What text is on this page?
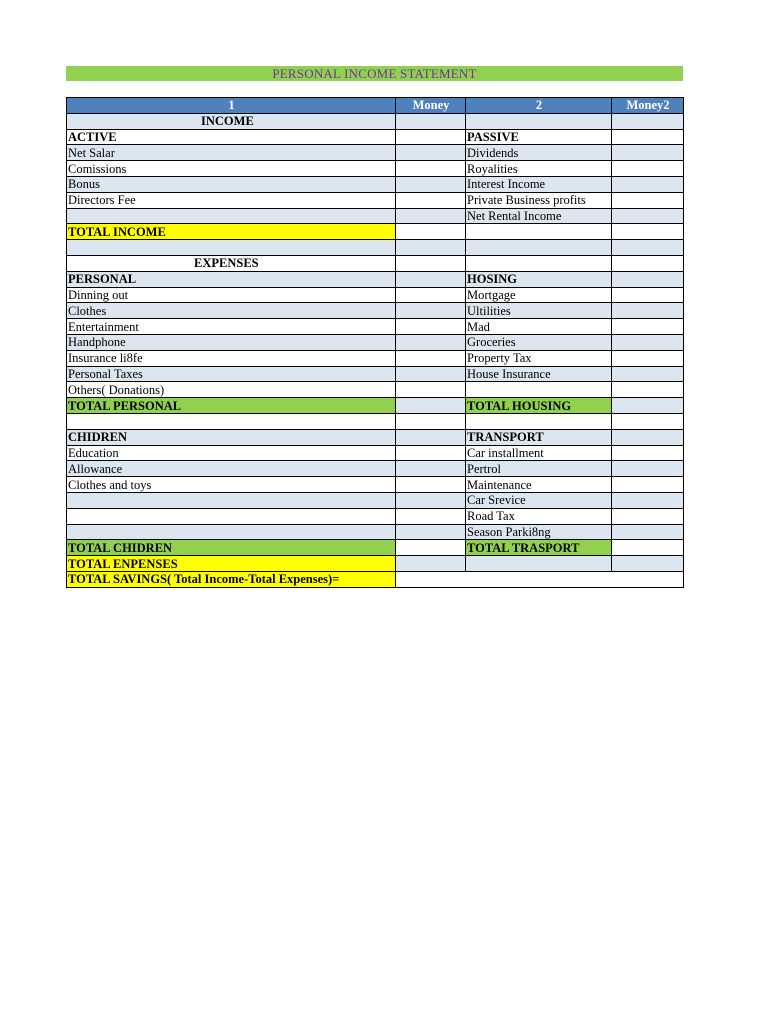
PERSONAL INCOME STATEMENT
1	Money	2	Money2
INCOME			
ACTIVE		PASSIVE	
Net Salar		Dividends	
Comissions		Royalities	
Bonus		Interest Income	
Directors Fee		Private Business profits	
		Net Rental Income	
TOTAL INCOME			

EXPENSES			
PERSONAL		HOSING	
Dinning out		Mortgage	
Clothes		Ultilities	
Entertainment		Mad	
Handphone		Groceries	
Insurance li8fe		Property Tax	
Personal Taxes		House Insurance	
Others( Donations)			
TOTAL PERSONAL		TOTAL HOUSING	

CHIDREN		TRANSPORT	
Education		Car installment	
Allowance		Pertrol	
Clothes and toys		Maintenance	
		Car Srevice	
		Road Tax	
		Season Parki8ng	
TOTAL CHIDREN		TOTAL TRASPORT	
TOTAL ENPENSES			
TOTAL SAVINGS( Total Income-Total Expenses)=			
